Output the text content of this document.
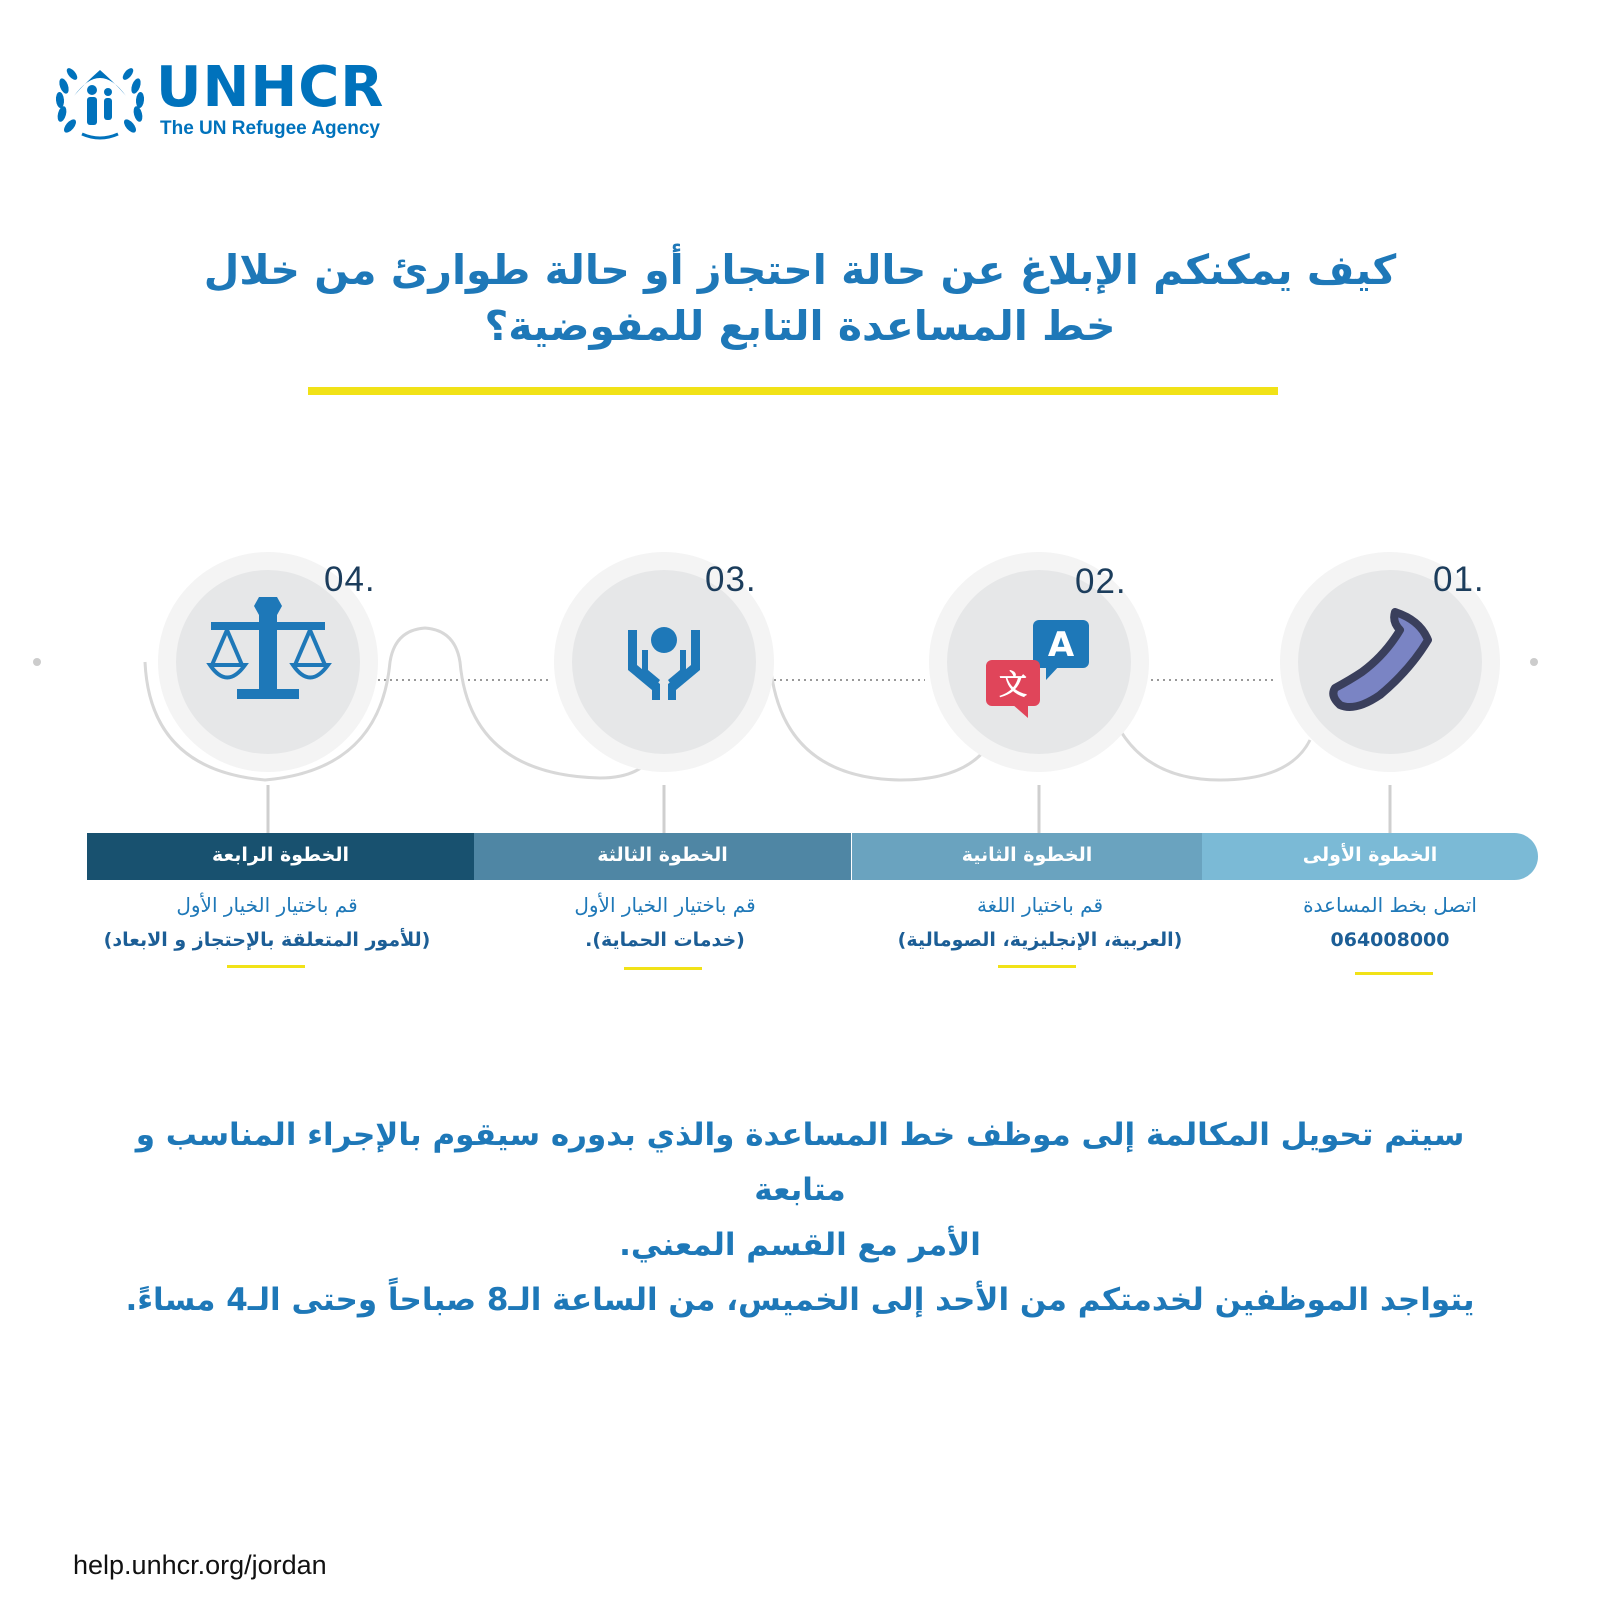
UNHCR
The UN Refugee Agency
كيف يمكنكم الإبلاغ عن حالة احتجاز أو حالة طوارئ من خلال
خط المساعدة التابع للمفوضية؟
A
文
04.	03.	02.	01.
الخطوة الرابعة	الخطوة الثالثة	الخطوة الثانية	الخطوة الأولى
قم باختيار الخيار الأول
(للأمور المتعلقة بالإحتجاز و الابعاد)
قم باختيار الخيار الأول
(خدمات الحماية).
قم باختيار اللغة
(العربية، الإنجليزية، الصومالية)
اتصل بخط المساعدة
064008000
سيتم تحويل المكالمة إلى موظف خط المساعدة والذي بدوره سيقوم بالإجراء المناسب و متابعة
الأمر مع القسم المعني.
يتواجد الموظفين لخدمتكم من الأحد إلى الخميس، من الساعة الـ8 صباحاً وحتى الـ4 مساءً.
help.unhcr.org/jordan
